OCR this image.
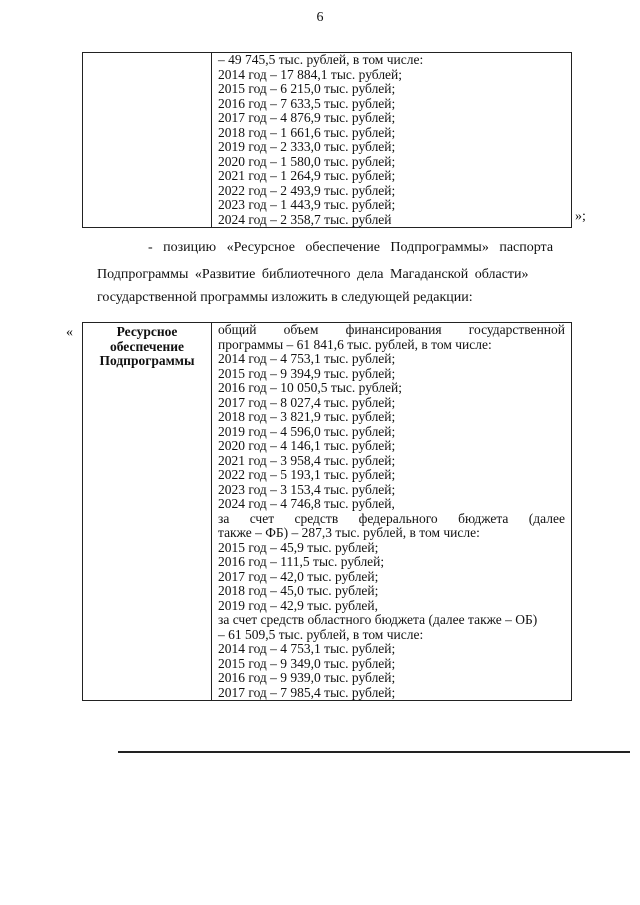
6

– 49 745,5 тыс. рублей, в том числе:
2014 год – 17 884,1 тыс. рублей;
2015 год – 6 215,0 тыс. рублей;
2016 год – 7 633,5 тыс. рублей;
2017 год – 4 876,9 тыс. рублей;
2018 год – 1 661,6 тыс. рублей;
2019 год – 2 333,0 тыс. рублей;
2020 год – 1 580,0 тыс. рублей;
2021 год – 1 264,9 тыс. рублей;
2022 год – 2 493,9 тыс. рублей;
2023 год – 1 443,9 тыс. рублей;
2024 год – 2 358,7 тыс. рублей	»;
- позицию «Ресурсное обеспечение Подпрограммы» паспорта
Подпрограммы «Развитие библиотечного дела Магаданской области»
государственной программы изложить в следующей редакции:
«	Ресурсное обеспечение Подпрограммы	
общий объем финансирования государственной
программы – 61 841,6 тыс. рублей, в том числе:
2014 год – 4 753,1 тыс. рублей;
2015 год – 9 394,9 тыс. рублей;
2016 год – 10 050,5 тыс. рублей;
2017 год – 8 027,4 тыс. рублей;
2018 год – 3 821,9 тыс. рублей;
2019 год – 4 596,0 тыс. рублей;
2020 год – 4 146,1 тыс. рублей;
2021 год – 3 958,4 тыс. рублей;
2022 год – 5 193,1 тыс. рублей;
2023 год – 3 153,4 тыс. рублей;
2024 год – 4 746,8 тыс. рублей,
за счет средств федерального бюджета (далее
также – ФБ) – 287,3 тыс. рублей, в том числе:
2015 год – 45,9 тыс. рублей;
2016 год – 111,5 тыс. рублей;
2017 год – 42,0 тыс. рублей;
2018 год – 45,0 тыс. рублей;
2019 год – 42,9 тыс. рублей,
за счет средств областного бюджета (далее также – ОБ)
– 61 509,5 тыс. рублей, в том числе:
2014 год – 4 753,1 тыс. рублей;
2015 год – 9 349,0 тыс. рублей;
2016 год – 9 939,0 тыс. рублей;
2017 год – 7 985,4 тыс. рублей;
